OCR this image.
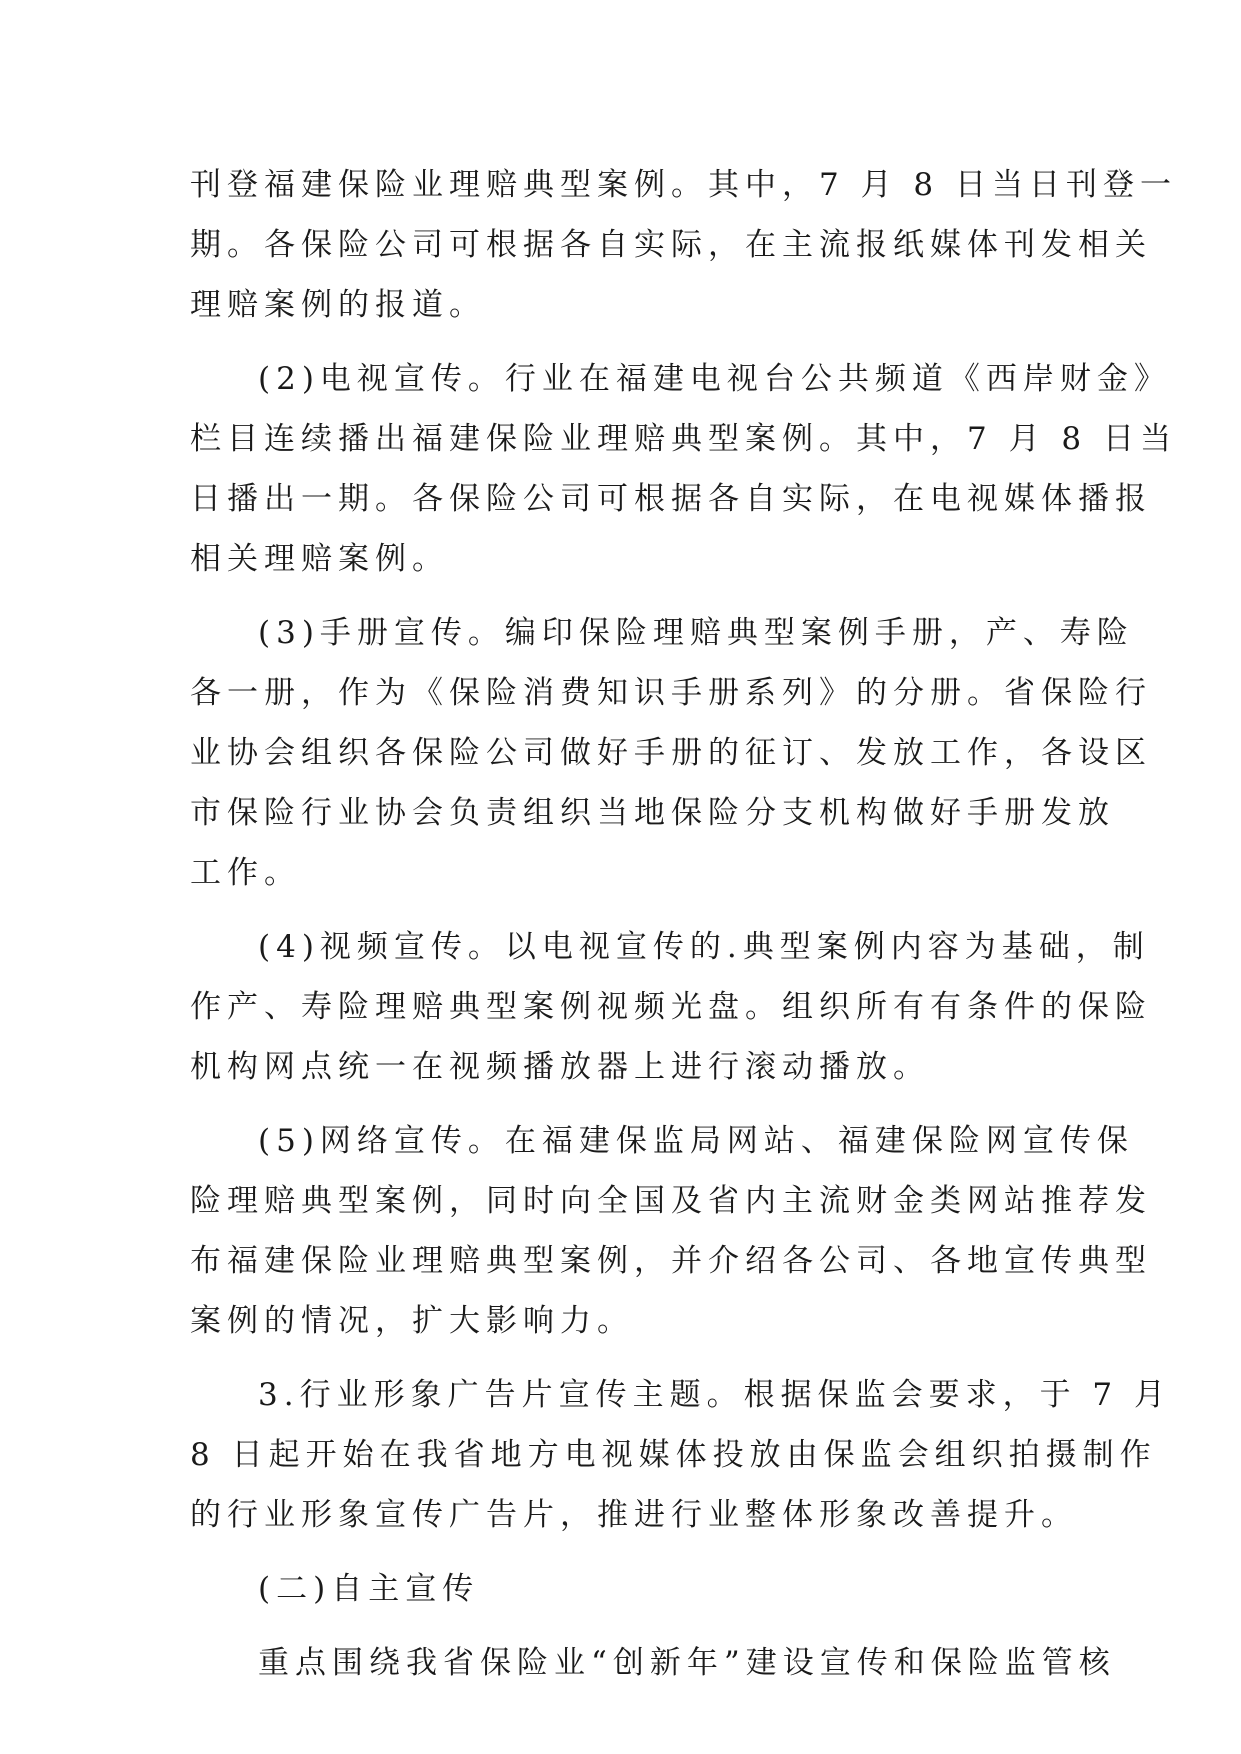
刊登福建保险业理赔典型案例。其中，7 月 8 日当日刊登一
期。各保险公司可根据各自实际，在主流报纸媒体刊发相关
理赔案例的报道。
(2)电视宣传。行业在福建电视台公共频道《西岸财金》
栏目连续播出福建保险业理赔典型案例。其中，7 月 8 日当
日播出一期。各保险公司可根据各自实际，在电视媒体播报
相关理赔案例。
(3)手册宣传。编印保险理赔典型案例手册，产、寿险
各一册，作为《保险消费知识手册系列》的分册。省保险行
业协会组织各保险公司做好手册的征订、发放工作，各设区
市保险行业协会负责组织当地保险分支机构做好手册发放
工作。
(4)视频宣传。以电视宣传的.典型案例内容为基础，制
作产、寿险理赔典型案例视频光盘。组织所有有条件的保险
机构网点统一在视频播放器上进行滚动播放。
(5)网络宣传。在福建保监局网站、福建保险网宣传保
险理赔典型案例，同时向全国及省内主流财金类网站推荐发
布福建保险业理赔典型案例，并介绍各公司、各地宣传典型
案例的情况，扩大影响力。
3.行业形象广告片宣传主题。根据保监会要求，于 7 月
8 日起开始在我省地方电视媒体投放由保监会组织拍摄制作
的行业形象宣传广告片，推进行业整体形象改善提升。
(二)自主宣传
重点围绕我省保险业“创新年”建设宣传和保险监管核
